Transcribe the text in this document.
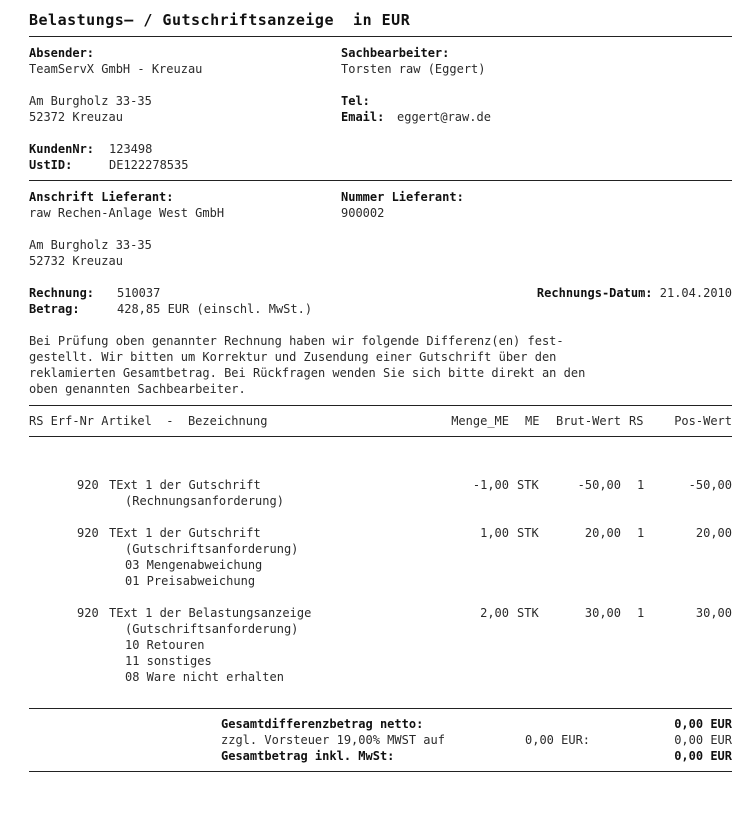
Belastungs— / Gutschriftsanzeige  in EUR
Absender:
TeamServX GmbH - Kreuzau
Am Burgholz 33-35
52372 Kreuzau
KundenNr: 123498
UstID:	DE122278535
Sachbearbeiter:
Torsten raw (Eggert)
Tel:
Email: eggert@raw.de
Anschrift Lieferant:
raw Rechen-Anlage West GmbH
Am Burgholz 33-35
52732 Kreuzau
Nummer Lieferant:
900002
Rechnung: 510037
Betrag:	428,85 EUR (einschl. MwSt.)
Rechnungs-Datum: 21.04.2010
Bei Prüfung oben genannter Rechnung haben wir folgende Differenz(en) fest-
gestellt. Wir bitten um Korrektur und Zusendung einer Gutschrift über den
reklamierten Gesamtbetrag. Bei Rückfragen wenden Sie sich bitte direkt an den
oben genannten Sachbearbeiter.
RS Erf-Nr Artikel  -  Bezeichnung	Menge_ME ME Brut-Wert RS	Pos-Wert
920 TExt 1 der Gutschrift	-1,00 STK	-50,00 1	-50,00
(Rechnungsanforderung)
920 TExt 1 der Gutschrift	1,00 STK	20,00 1	20,00
(Gutschriftsanforderung)
03 Mengenabweichung
01 Preisabweichung
920 TExt 1 der Belastungsanzeige	2,00 STK	30,00 1	30,00
(Gutschriftsanforderung)
10 Retouren
11 sonstiges
08 Ware nicht erhalten
Gesamtdifferenzbetrag netto:	0,00 EUR
zzgl. Vorsteuer 19,00% MWST auf	0,00 EUR:	0,00 EUR
Gesamtbetrag inkl. MwSt:	0,00 EUR
